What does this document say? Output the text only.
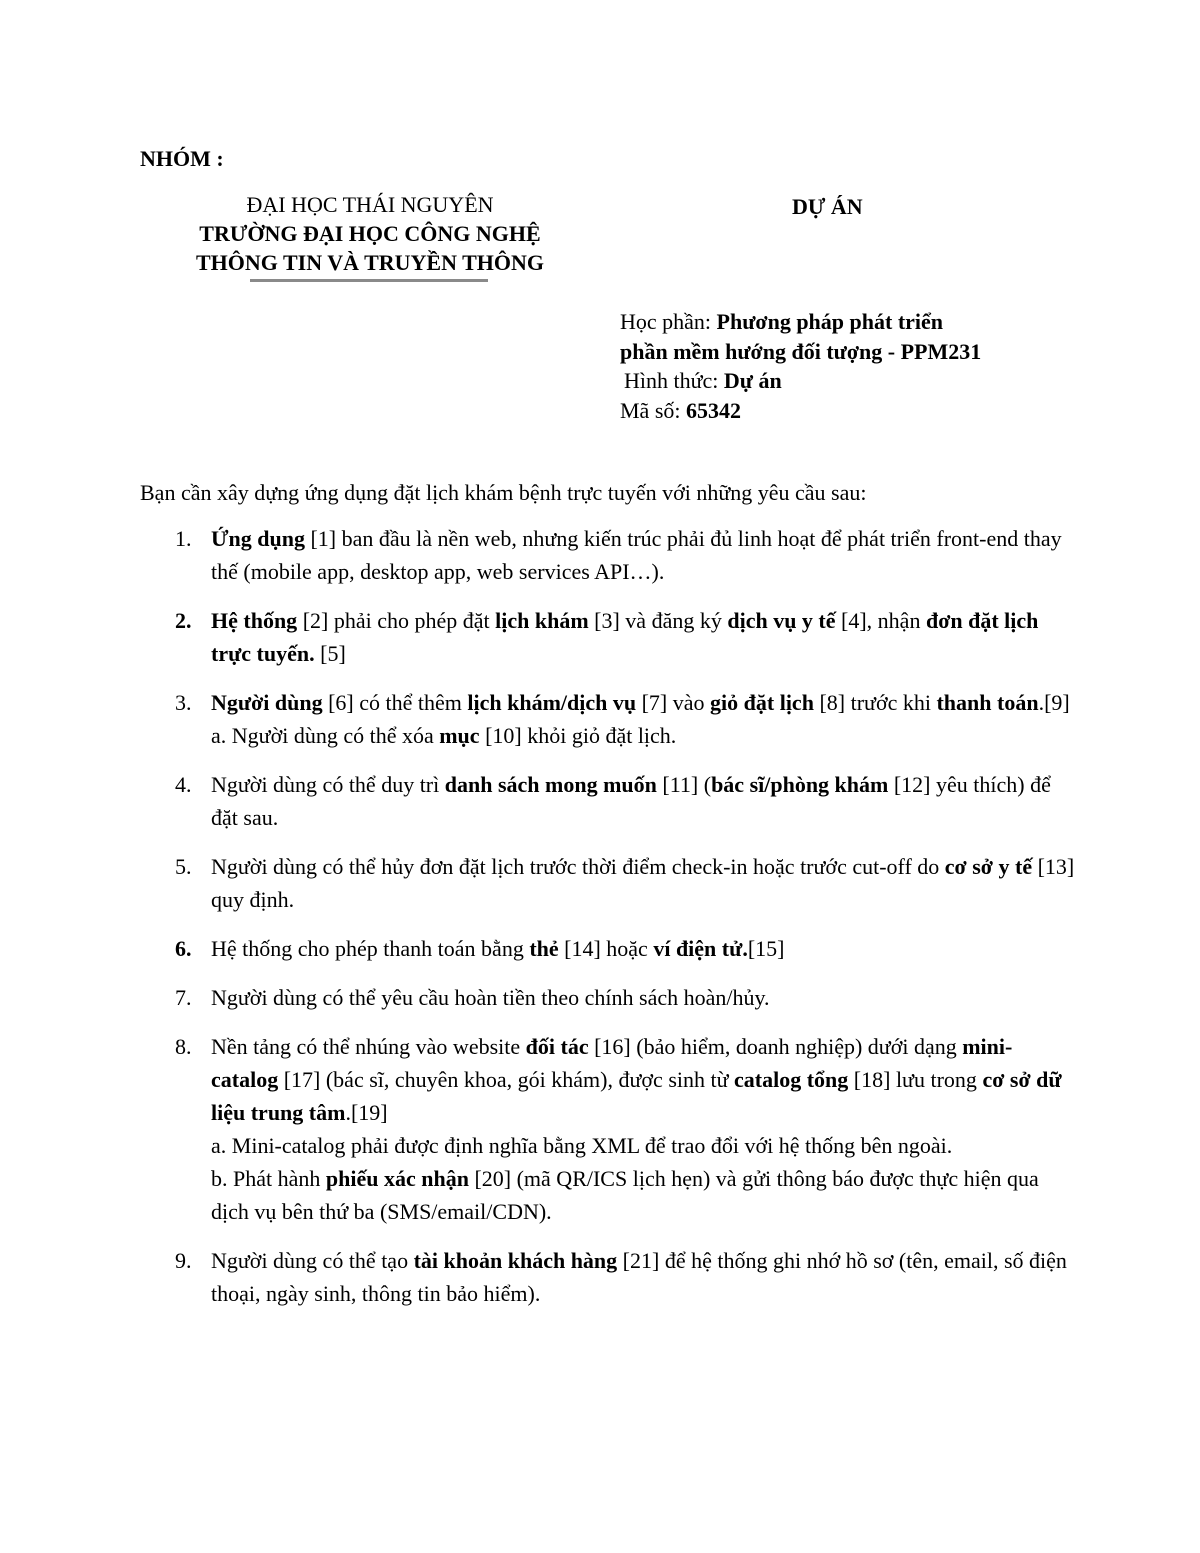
NHÓM :
ĐẠI HỌC THÁI NGUYÊN
TRƯỜNG ĐẠI HỌC CÔNG NGHỆ
THÔNG TIN VÀ TRUYỀN THÔNG
DỰ ÁN
Học phần: Phương pháp phát triển
phần mềm hướng đối tượng - PPM231
Hình thức: Dự án
Mã số: 65342
Bạn cần xây dựng ứng dụng đặt lịch khám bệnh trực tuyến với những yêu cầu sau:
1. Ứng dụng [1] ban đầu là nền web, nhưng kiến trúc phải đủ linh hoạt để phát triển front-end thay thế (mobile app, desktop app, web services API…).

2. Hệ thống [2] phải cho phép đặt lịch khám [3] và đăng ký dịch vụ y tế [4], nhận đơn đặt lịch trực tuyến. [5]

3. Người dùng [6] có thể thêm lịch khám/dịch vụ [7] vào giỏ đặt lịch [8] trước khi thanh toán.[9]

a. Người dùng có thể xóa mục [10] khỏi giỏ đặt lịch.

4. Người dùng có thể duy trì danh sách mong muốn [11] (bác sĩ/phòng khám [12] yêu thích) để đặt sau.

5. Người dùng có thể hủy đơn đặt lịch trước thời điểm check-in hoặc trước cut-off do cơ sở y tế [13] quy định.

6. Hệ thống cho phép thanh toán bằng thẻ [14] hoặc ví điện tử.[15]

7. Người dùng có thể yêu cầu hoàn tiền theo chính sách hoàn/hủy.

8. Nền tảng có thể nhúng vào website đối tác [16] (bảo hiểm, doanh nghiệp) dưới dạng mini-catalog [17] (bác sĩ, chuyên khoa, gói khám), được sinh từ catalog tổng [18] lưu trong cơ sở dữ liệu trung tâm.[19]

a. Mini-catalog phải được định nghĩa bằng XML để trao đổi với hệ thống bên ngoài.

b. Phát hành phiếu xác nhận [20] (mã QR/ICS lịch hẹn) và gửi thông báo được thực hiện qua dịch vụ bên thứ ba (SMS/email/CDN).

9. Người dùng có thể tạo tài khoản khách hàng [21] để hệ thống ghi nhớ hồ sơ (tên, email, số điện thoại, ngày sinh, thông tin bảo hiểm).
